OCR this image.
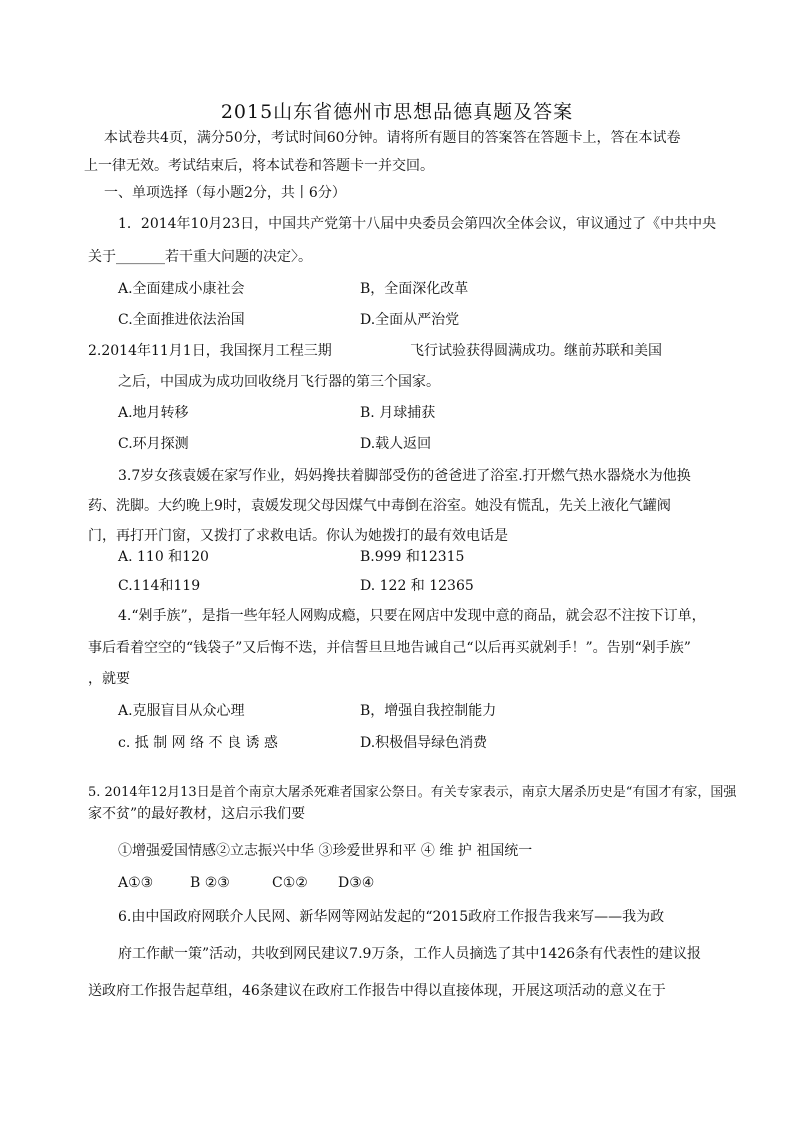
2015山东省德州市思想品德真题及答案
本试卷共4页，满分50分，考试时间60分钟。请将所有题目的答案答在答题卡上，答在本试卷
上一律无效。考试结束后，将本试卷和答题卡一并交回。
一、单项选择（每小题2分，共丨6分）
1．2014年10月23日，中国共产党第十八届中央委员会第四次全体会议，审议通过了《中共中央
关于_______若干重大问题的决定〉。
A.全面建成小康社会	B，全面深化改革
C.全面推进依法治国	D.全面从严治党
2.2014年11月1日，我国探月工程三期	飞行试验获得圆满成功。继前苏联和美国
之后，中国成为成功回收绕月飞行器的第三个国家。
A.地月转移	B. 月球捕获
C.环月探测	D.载人返回
3.7岁女孩袁媛在家写作业，妈妈搀扶着脚部受伤的爸爸进了浴室.打开燃气热水器烧水为他换
药、洗脚。大约晚上9时，袁媛发现父母因煤气中毒倒在浴室。她没有慌乱，先关上液化气罐阀
门，再打开门窗，又拨打了求救电话。你认为她拨打的最有效电话是
A. 110 和120	B.999 和12315
C.114和119	D. 122 和 12365
4.“剁手族”，是指一些年轻人网购成瘾，只要在网店中发现中意的商品，就会忍不注按下订单，
事后看着空空的“钱袋子”又后悔不迭，并信誓旦旦地告诫自己“以后再买就剁手！”。告别“剁手族”
，就要
A.克服盲目从众心理	B，增强自我控制能力
c. 抵 制 网 络 不 良 诱 惑	D.积极倡导绿色消费
5. 2014年12月13日是首个南京大屠杀死难者国家公祭日。有关专家表示，南京大屠杀历史是“有国才有家，国强
家不贫”的最好教材，这启示我们要
①增强爱国情感②立志振兴中华 ③珍爱世界和平 ④ 维 护 祖国统一
A①③	B ②③	C①② D③④
6.由中国政府网联介人民网、新华网等网站发起的“2015政府工作报告我来写——我为政
府工作献一策”活动，共收到网民建议7.9万条，工作人员摘选了其中1426条有代表性的建议报
送政府工作报告起草组，46条建议在政府工作报告中得以直接体现，开展这项活动的意义在于
